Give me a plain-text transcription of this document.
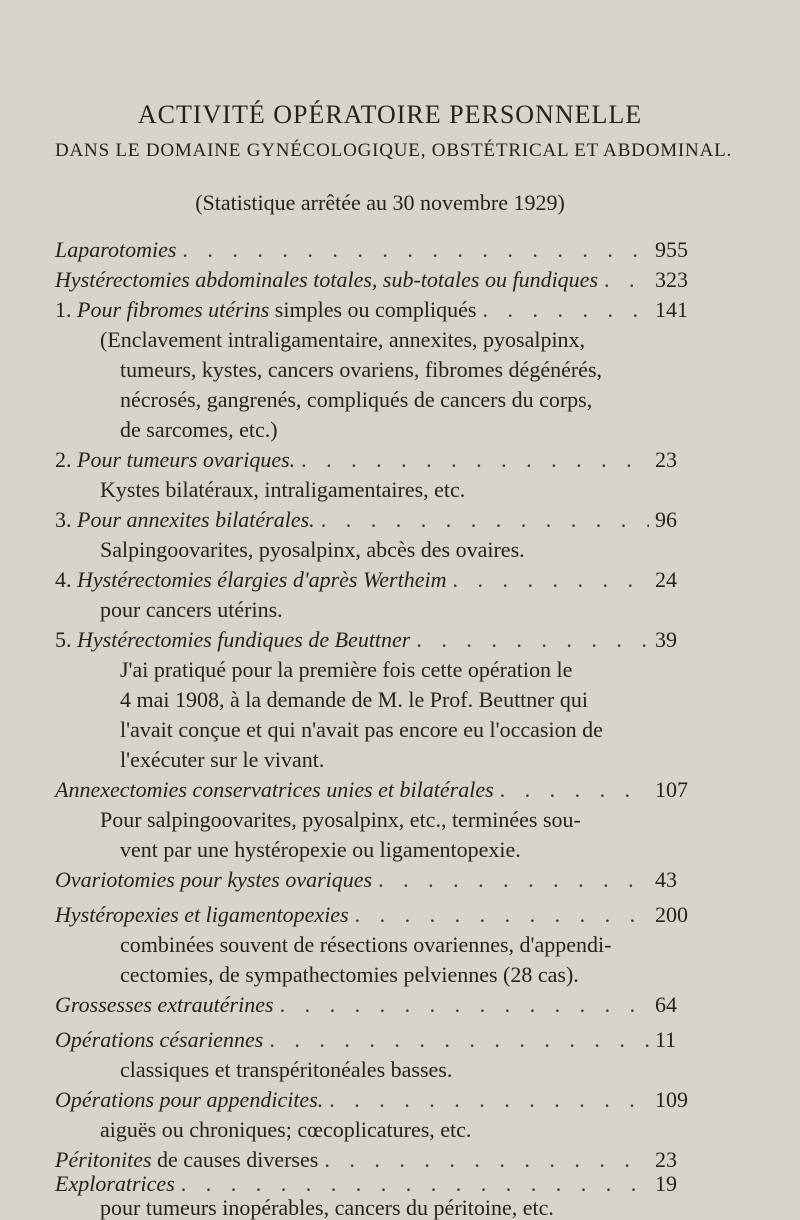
ACTIVITÉ OPÉRATOIRE PERSONNELLE
DANS LE DOMAINE GYNÉCOLOGIQUE, OBSTÉTRICAL ET ABDOMINAL.
(Statistique arrêtée au 30 novembre 1929)
Laparotomies . . .	955
Hystérectomies abdominales totales, sub-totales ou fundiques . . .	323
1. Pour fibromes utérins simples ou compliqués . . .	141
(Enclavement intraligamentaire, annexites, pyosalpinx,
tumeurs, kystes, cancers ovariens, fibromes dégénérés,
nécrosés, gangrenés, compliqués de cancers du corps,
de sarcomes, etc.)
2. Pour tumeurs ovariques. . . .	23
Kystes bilatéraux, intraligamentaires, etc.
3. Pour annexites bilatérales. . . .	96
Salpingoovarites, pyosalpinx, abcès des ovaires.
4. Hystérectomies élargies d'après Wertheim . . .	24
pour cancers utérins.
5. Hystérectomies fundiques de Beuttner . . .	39
J'ai pratiqué pour la première fois cette opération le
4 mai 1908, à la demande de M. le Prof. Beuttner qui
l'avait conçue et qui n'avait pas encore eu l'occasion de
l'exécuter sur le vivant.
Annexectomies conservatrices unies et bilatérales . . .	107
Pour salpingoovarites, pyosalpinx, etc., terminées sou-
vent par une hystéropexie ou ligamentopexie.
Ovariotomies pour kystes ovariques . . .	43
Hystéropexies et ligamentopexies . . .	200
combinées souvent de résections ovariennes, d'appendi-
cectomies, de sympathectomies pelviennes (28 cas).
Grossesses extrautérines . . .	64
Opérations césariennes . . .	11
classiques et transpéritonéales basses.
Opérations pour appendicites. . . .	109
aiguës ou chroniques; cœcoplicatures, etc.
Péritonites de causes diverses . . .	23
Exploratrices . . .	19
pour tumeurs inopérables, cancers du péritoine, etc.
